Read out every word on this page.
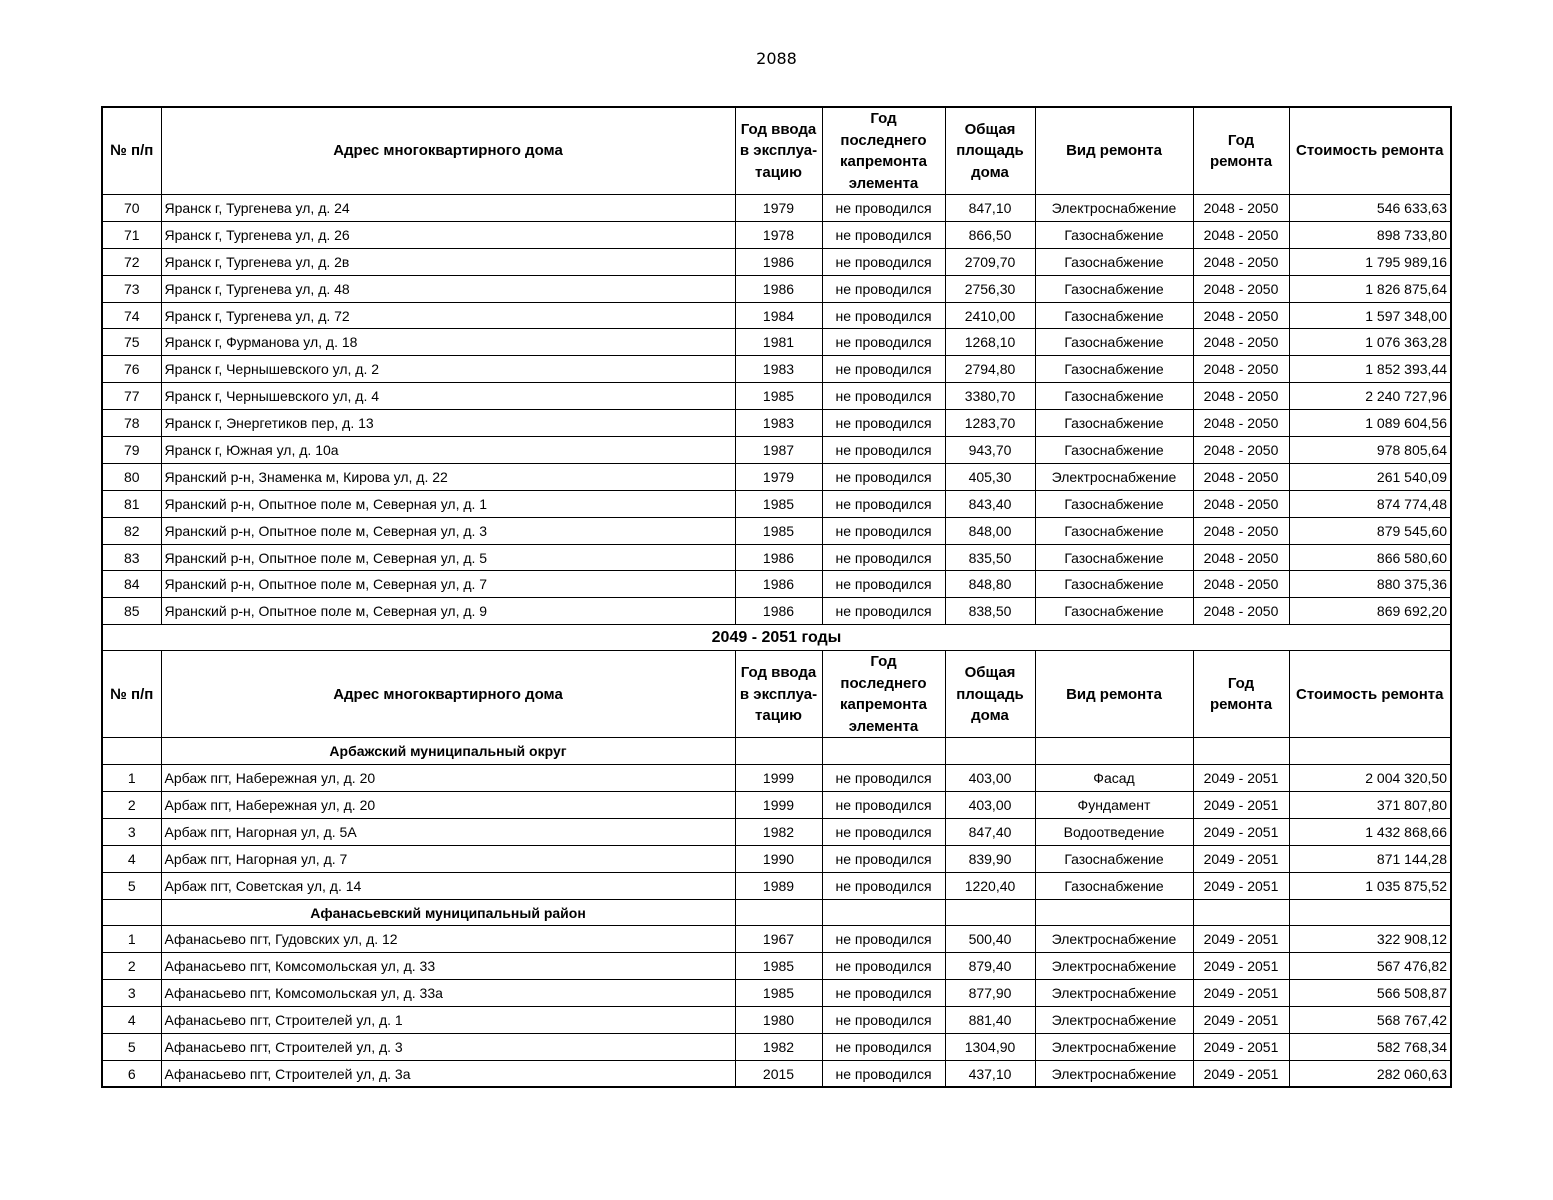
2088
№ п/п	Адрес многоквартирного дома	Год ввода в эксплуа-тацию	Год последнего капремонта элемента	Общая площадь дома	Вид ремонта	Год ремонта	Стоимость ремонта
70	Яранск г, Тургенева ул, д. 24	1979	не проводился	847,10	Электроснабжение	2048 - 2050	546 633,63
71	Яранск г, Тургенева ул, д. 26	1978	не проводился	866,50	Газоснабжение	2048 - 2050	898 733,80
72	Яранск г, Тургенева ул, д. 2в	1986	не проводился	2709,70	Газоснабжение	2048 - 2050	1 795 989,16
73	Яранск г, Тургенева ул, д. 48	1986	не проводился	2756,30	Газоснабжение	2048 - 2050	1 826 875,64
74	Яранск г, Тургенева ул, д. 72	1984	не проводился	2410,00	Газоснабжение	2048 - 2050	1 597 348,00
75	Яранск г, Фурманова ул, д. 18	1981	не проводился	1268,10	Газоснабжение	2048 - 2050	1 076 363,28
76	Яранск г, Чернышевского ул, д. 2	1983	не проводился	2794,80	Газоснабжение	2048 - 2050	1 852 393,44
77	Яранск г, Чернышевского ул, д. 4	1985	не проводился	3380,70	Газоснабжение	2048 - 2050	2 240 727,96
78	Яранск г, Энергетиков пер, д. 13	1983	не проводился	1283,70	Газоснабжение	2048 - 2050	1 089 604,56
79	Яранск г, Южная ул, д. 10а	1987	не проводился	943,70	Газоснабжение	2048 - 2050	978 805,64
80	Яранский р-н, Знаменка м, Кирова ул, д. 22	1979	не проводился	405,30	Электроснабжение	2048 - 2050	261 540,09
81	Яранский р-н, Опытное поле м, Северная ул, д. 1	1985	не проводился	843,40	Газоснабжение	2048 - 2050	874 774,48
82	Яранский р-н, Опытное поле м, Северная ул, д. 3	1985	не проводился	848,00	Газоснабжение	2048 - 2050	879 545,60
83	Яранский р-н, Опытное поле м, Северная ул, д. 5	1986	не проводился	835,50	Газоснабжение	2048 - 2050	866 580,60
84	Яранский р-н, Опытное поле м, Северная ул, д. 7	1986	не проводился	848,80	Газоснабжение	2048 - 2050	880 375,36
85	Яранский р-н, Опытное поле м, Северная ул, д. 9	1986	не проводился	838,50	Газоснабжение	2048 - 2050	869 692,20
2049 - 2051 годы							
№ п/п	Адрес многоквартирного дома	Год ввода в эксплуа-тацию	Год последнего капремонта элемента	Общая площадь дома	Вид ремонта	Год ремонта	Стоимость ремонта
	Арбажский муниципальный округ						
1	Арбаж пгт, Набережная ул, д. 20	1999	не проводился	403,00	Фасад	2049 - 2051	2 004 320,50
2	Арбаж пгт, Набережная ул, д. 20	1999	не проводился	403,00	Фундамент	2049 - 2051	371 807,80
3	Арбаж пгт, Нагорная ул, д. 5А	1982	не проводился	847,40	Водоотведение	2049 - 2051	1 432 868,66
4	Арбаж пгт, Нагорная ул, д. 7	1990	не проводился	839,90	Газоснабжение	2049 - 2051	871 144,28
5	Арбаж пгт, Советская ул, д. 14	1989	не проводился	1220,40	Газоснабжение	2049 - 2051	1 035 875,52
	Афанасьевский муниципальный район						
1	Афанасьево пгт, Гудовских ул, д. 12	1967	не проводился	500,40	Электроснабжение	2049 - 2051	322 908,12
2	Афанасьево пгт, Комсомольская ул, д. 33	1985	не проводился	879,40	Электроснабжение	2049 - 2051	567 476,82
3	Афанасьево пгт, Комсомольская ул, д. 33а	1985	не проводился	877,90	Электроснабжение	2049 - 2051	566 508,87
4	Афанасьево пгт, Строителей ул, д. 1	1980	не проводился	881,40	Электроснабжение	2049 - 2051	568 767,42
5	Афанасьево пгт, Строителей ул, д. 3	1982	не проводился	1304,90	Электроснабжение	2049 - 2051	582 768,34
6	Афанасьево пгт, Строителей ул, д. 3а	2015	не проводился	437,10	Электроснабжение	2049 - 2051	282 060,63
